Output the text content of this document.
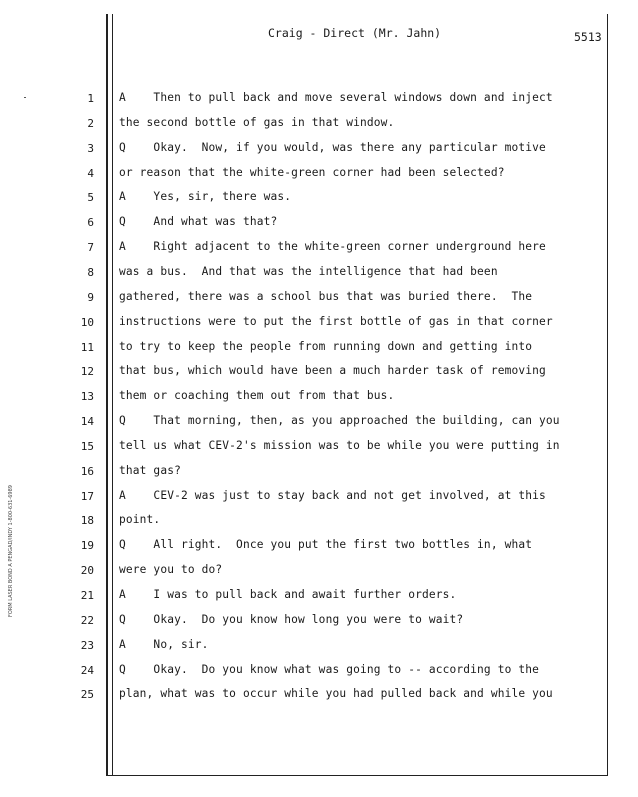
Craig - Direct (Mr. Jahn)	5513
FORM LASER BOND A PENGAD/INDY 1-800-631-6989
1 A    Then to pull back and move several windows down and inject
2 the second bottle of gas in that window.
3 Q    Okay.  Now, if you would, was there any particular motive
4 or reason that the white-green corner had been selected?
5 A    Yes, sir, there was.
6 Q    And what was that?
7 A    Right adjacent to the white-green corner underground here
8 was a bus.  And that was the intelligence that had been
9 gathered, there was a school bus that was buried there.  The
10 instructions were to put the first bottle of gas in that corner
11 to try to keep the people from running down and getting into
12 that bus, which would have been a much harder task of removing
13 them or coaching them out from that bus.
14 Q    That morning, then, as you approached the building, can you
15 tell us what CEV-2's mission was to be while you were putting in
16 that gas?
17 A    CEV-2 was just to stay back and not get involved, at this
18 point.
19 Q    All right.  Once you put the first two bottles in, what
20 were you to do?
21 A    I was to pull back and await further orders.
22 Q    Okay.  Do you know how long you were to wait?
23 A    No, sir.
24 Q    Okay.  Do you know what was going to -- according to the
25 plan, what was to occur while you had pulled back and while you
